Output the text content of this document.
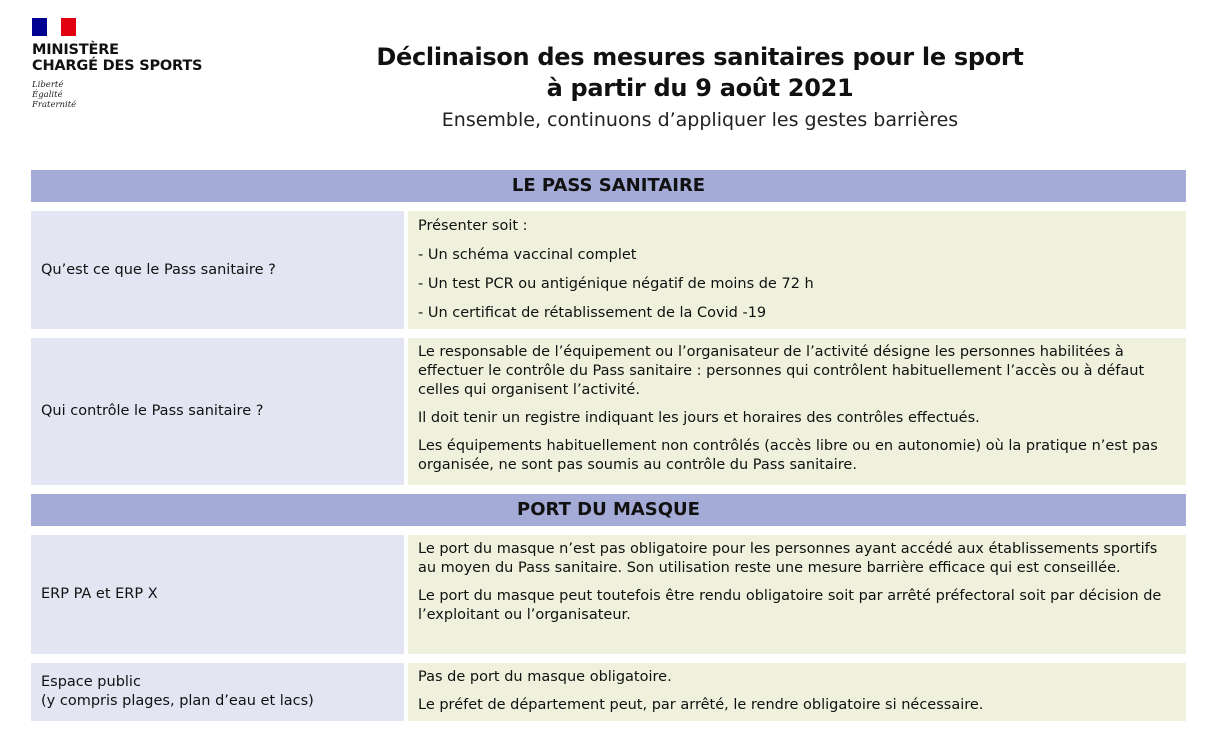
MINISTÈRE
CHARGÉ DES SPORTS
Liberté
Égalité
Fraternité
Déclinaison des mesures sanitaires pour le sport
à partir du 9 août 2021
Ensemble, continuons d’appliquer les gestes barrières
LE PASS SANITAIRE
Qu’est ce que le Pass sanitaire ?

Présenter soit :

- Un schéma vaccinal complet

- Un test PCR ou antigénique négatif de moins de 72 h

- Un certificat de rétablissement de la Covid -19

Qui contrôle le Pass sanitaire ?

Le responsable de l’équipement ou l’organisateur de l’activité désigne les personnes habilitées à effectuer le contrôle du Pass sanitaire : personnes qui contrôlent habituellement l’accès ou à défaut celles qui organisent l’activité.

Il doit tenir un registre indiquant les jours et horaires des contrôles effectués.

Les équipements habituellement non contrôlés (accès libre ou en autonomie) où la pratique n’est pas organisée, ne sont pas soumis au contrôle du Pass sanitaire.

PORT DU MASQUE
ERP PA et ERP X

Le port du masque n’est pas obligatoire pour les personnes ayant accédé aux établissements sportifs au moyen du Pass sanitaire. Son utilisation reste une mesure barrière efficace qui est conseillée.

Le port du masque peut toutefois être rendu obligatoire soit par arrêté préfectoral soit par décision de l’exploitant ou l’organisateur.

Espace public
(y compris plages, plan d’eau et lacs)

Pas de port du masque obligatoire.

Le préfet de département peut, par arrêté, le rendre obligatoire si nécessaire.
